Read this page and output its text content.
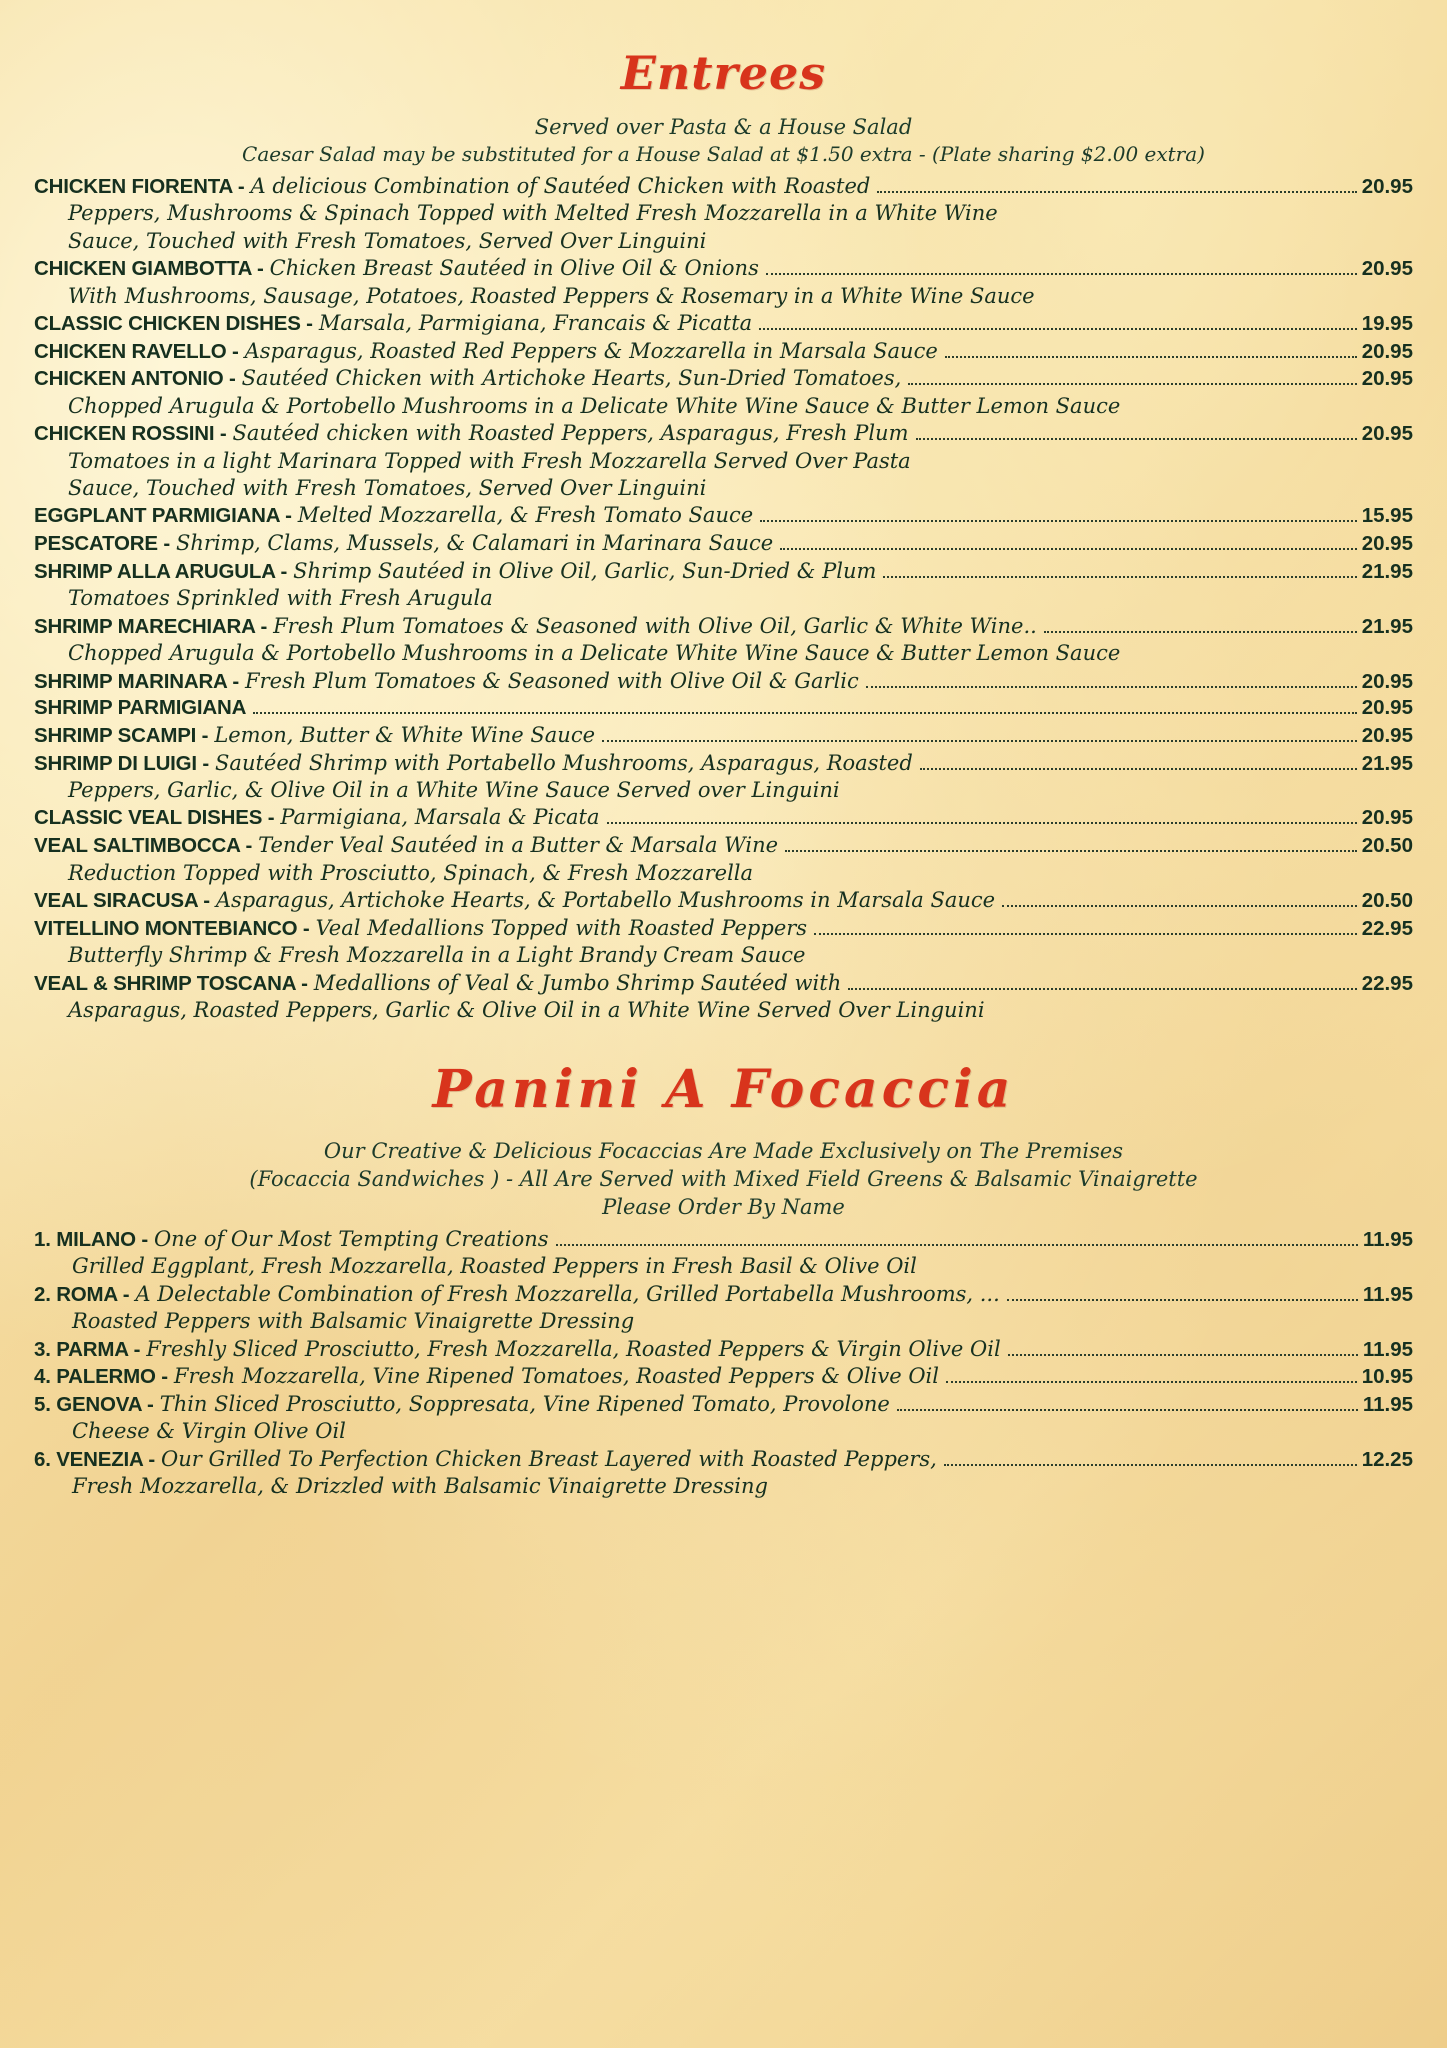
Entrees
Served over Pasta & a House Salad
Caesar Salad may be substituted for a House Salad at $1.50 extra - (Plate sharing $2.00 extra)
CHICKEN FIORENTA - A delicious Combination of Sautéed Chicken with Roasted	20.95
Peppers, Mushrooms & Spinach Topped with Melted Fresh Mozzarella in a White Wine
Sauce, Touched with Fresh Tomatoes, Served Over Linguini
CHICKEN GIAMBOTTA - Chicken Breast Sautéed in Olive Oil & Onions	20.95
With Mushrooms, Sausage, Potatoes, Roasted Peppers & Rosemary in a White Wine Sauce
CLASSIC CHICKEN DISHES - Marsala, Parmigiana, Francais & Picatta	19.95
CHICKEN RAVELLO - Asparagus, Roasted Red Peppers & Mozzarella in Marsala Sauce	20.95
CHICKEN ANTONIO - Sautéed Chicken with Artichoke Hearts, Sun-Dried Tomatoes,	20.95
Chopped Arugula & Portobello Mushrooms in a Delicate White Wine Sauce & Butter Lemon Sauce
CHICKEN ROSSINI - Sautéed chicken with Roasted Peppers, Asparagus, Fresh Plum	20.95
Tomatoes in a light Marinara Topped with Fresh Mozzarella Served Over Pasta
Sauce, Touched with Fresh Tomatoes, Served Over Linguini
EGGPLANT PARMIGIANA - Melted Mozzarella, & Fresh Tomato Sauce	15.95
PESCATORE - Shrimp, Clams, Mussels, & Calamari in Marinara Sauce	20.95
SHRIMP ALLA ARUGULA - Shrimp Sautéed in Olive Oil, Garlic, Sun-Dried & Plum	21.95
Tomatoes Sprinkled with Fresh Arugula
SHRIMP MARECHIARA - Fresh Plum Tomatoes & Seasoned with Olive Oil, Garlic & White Wine..	21.95
Chopped Arugula & Portobello Mushrooms in a Delicate White Wine Sauce & Butter Lemon Sauce
SHRIMP MARINARA - Fresh Plum Tomatoes & Seasoned with Olive Oil & Garlic	20.95
SHRIMP PARMIGIANA	20.95
SHRIMP SCAMPI - Lemon, Butter & White Wine Sauce	20.95
SHRIMP DI LUIGI - Sautéed Shrimp with Portabello Mushrooms, Asparagus, Roasted	21.95
Peppers, Garlic, & Olive Oil in a White Wine Sauce Served over Linguini
CLASSIC VEAL DISHES - Parmigiana, Marsala & Picata	20.95
VEAL SALTIMBOCCA - Tender Veal Sautéed in a Butter & Marsala Wine	20.50
Reduction Topped with Prosciutto, Spinach, & Fresh Mozzarella
VEAL SIRACUSA - Asparagus, Artichoke Hearts, & Portabello Mushrooms in Marsala Sauce	20.50
VITELLINO MONTEBIANCO - Veal Medallions Topped with Roasted Peppers	22.95
Butterfly Shrimp & Fresh Mozzarella in a Light Brandy Cream Sauce
VEAL & SHRIMP TOSCANA - Medallions of Veal & Jumbo Shrimp Sautéed with	22.95
Asparagus, Roasted Peppers, Garlic & Olive Oil in a White Wine Served Over Linguini
Panini A Focaccia
Our Creative & Delicious Focaccias Are Made Exclusively on The Premises
(Focaccia Sandwiches ) - All Are Served with Mixed Field Greens & Balsamic Vinaigrette
Please Order By Name
1. MILANO - One of Our Most Tempting Creations	11.95
Grilled Eggplant, Fresh Mozzarella, Roasted Peppers in Fresh Basil & Olive Oil
2. ROMA - A Delectable Combination of Fresh Mozzarella, Grilled Portabella Mushrooms, ...	11.95
Roasted Peppers with Balsamic Vinaigrette Dressing
3. PARMA - Freshly Sliced Prosciutto, Fresh Mozzarella, Roasted Peppers & Virgin Olive Oil	11.95
4. PALERMO - Fresh Mozzarella, Vine Ripened Tomatoes, Roasted Peppers & Olive Oil	10.95
5. GENOVA - Thin Sliced Prosciutto, Soppresata, Vine Ripened Tomato, Provolone	11.95
Cheese & Virgin Olive Oil
6. VENEZIA - Our Grilled To Perfection Chicken Breast Layered with Roasted Peppers,	12.25
Fresh Mozzarella, & Drizzled with Balsamic Vinaigrette Dressing
